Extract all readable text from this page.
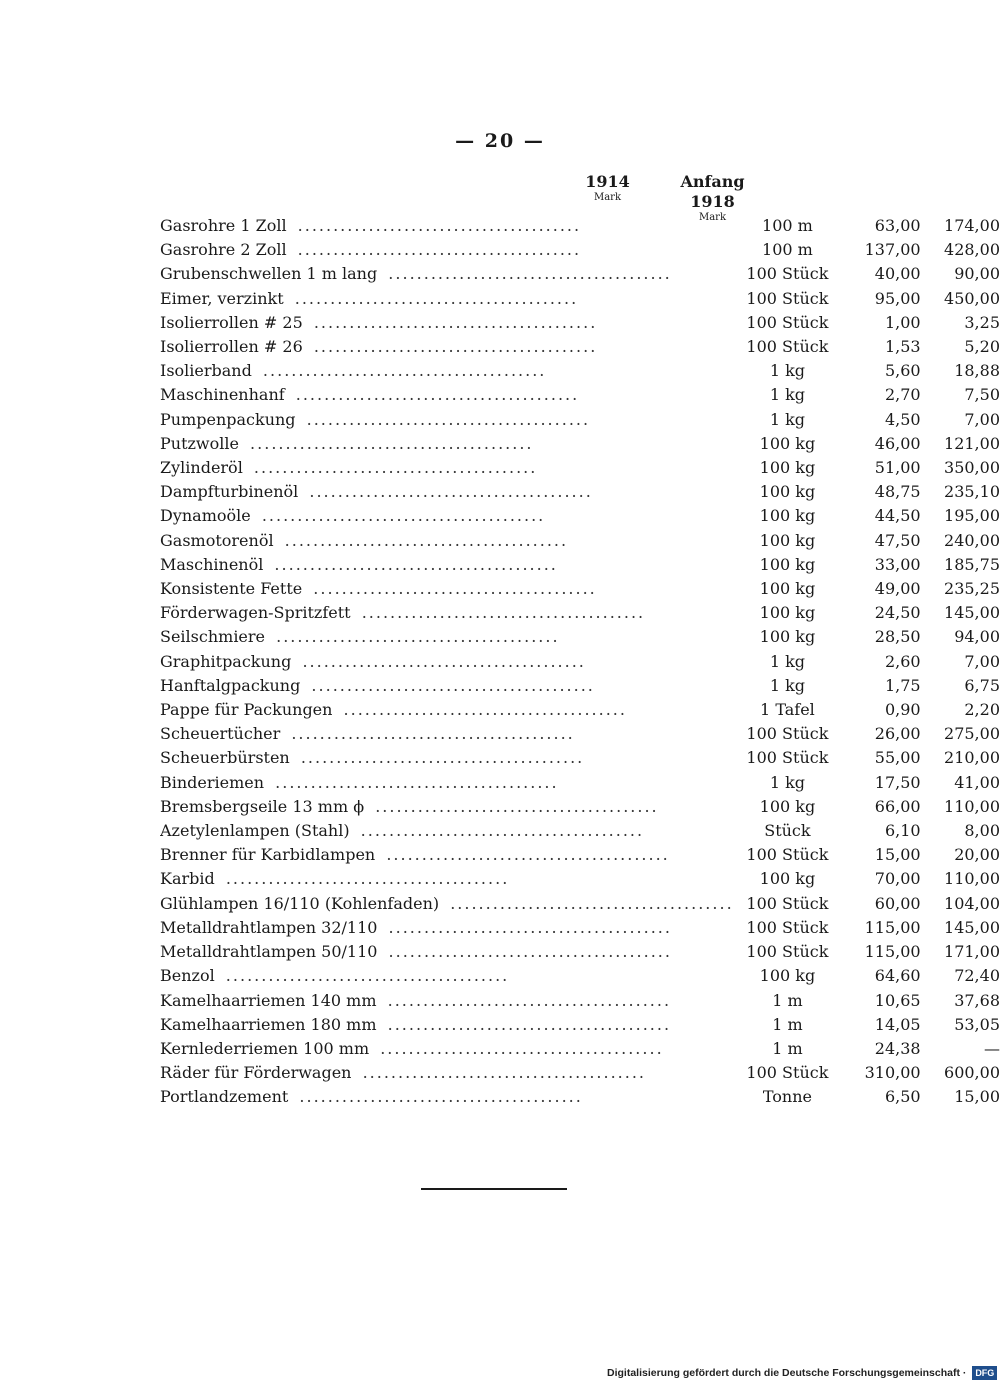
— 20 —
1914
Mark
Anfang 1918
Mark
Gasrohre 1 Zoll ........................................	100 m	63,00	174,00
Gasrohre 2 Zoll ........................................	100 m	137,00	428,00
Grubenschwellen 1 m lang ........................................	100 Stück	40,00	90,00
Eimer, verzinkt ........................................	100 Stück	95,00	450,00
Isolierrollen # 25 ........................................	100 Stück	1,00	3,25
Isolierrollen # 26 ........................................	100 Stück	1,53	5,20
Isolierband ........................................	1 kg	5,60	18,88
Maschinenhanf ........................................	1 kg	2,70	7,50
Pumpenpackung ........................................	1 kg	4,50	7,00
Putzwolle ........................................	100 kg	46,00	121,00
Zylinderöl ........................................	100 kg	51,00	350,00
Dampfturbinenöl ........................................	100 kg	48,75	235,10
Dynamoöle ........................................	100 kg	44,50	195,00
Gasmotorenöl ........................................	100 kg	47,50	240,00
Maschinenöl ........................................	100 kg	33,00	185,75
Konsistente Fette ........................................	100 kg	49,00	235,25
Förderwagen-Spritzfett ........................................	100 kg	24,50	145,00
Seilschmiere ........................................	100 kg	28,50	94,00
Graphitpackung ........................................	1 kg	2,60	7,00
Hanftalgpackung ........................................	1 kg	1,75	6,75
Pappe für Packungen ........................................	1 Tafel	0,90	2,20
Scheuertücher ........................................	100 Stück	26,00	275,00
Scheuerbürsten ........................................	100 Stück	55,00	210,00
Binderiemen ........................................	1 kg	17,50	41,00
Bremsbergseile 13 mm ϕ ........................................	100 kg	66,00	110,00
Azetylenlampen (Stahl) ........................................	Stück	6,10	8,00
Brenner für Karbidlampen ........................................	100 Stück	15,00	20,00
Karbid ........................................	100 kg	70,00	110,00
Glühlampen 16/110 (Kohlenfaden) ........................................	100 Stück	60,00	104,00
Metalldrahtlampen 32/110 ........................................	100 Stück	115,00	145,00
Metalldrahtlampen 50/110 ........................................	100 Stück	115,00	171,00
Benzol ........................................	100 kg	64,60	72,40
Kamelhaarriemen 140 mm ........................................	1 m	10,65	37,68
Kamelhaarriemen 180 mm ........................................	1 m	14,05	53,05
Kernlederriemen 100 mm ........................................	1 m	24,38	—
Räder für Förderwagen ........................................	100 Stück	310,00	600,00
Portlandzement ........................................	Tonne	6,50	15,00
Digitalisierung gefördert durch die Deutsche Forschungsgemeinschaft · DFG
